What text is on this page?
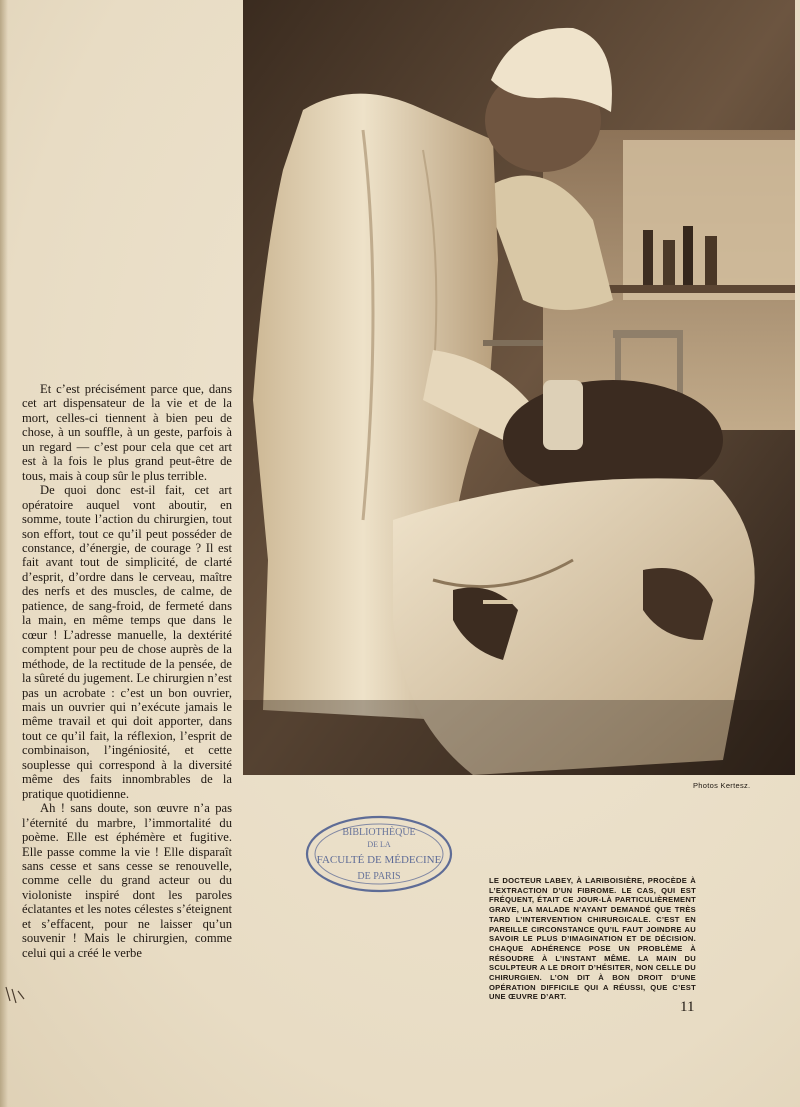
Et c’est précisément parce que, dans cet art dispensateur de la vie et de la mort, celles-ci tiennent à bien peu de chose, à un souffle, à un geste, parfois à un regard — c’est pour cela que cet art est à la fois le plus grand peut-être de tous, mais à coup sûr le plus terrible.

De quoi donc est-il fait, cet art opératoire auquel vont aboutir, en somme, toute l’action du chirurgien, tout son effort, tout ce qu’il peut posséder de constance, d’énergie, de courage ? Il est fait avant tout de simplicité, de clarté d’esprit, d’ordre dans le cerveau, maître des nerfs et des muscles, de calme, de patience, de sang-froid, de fermeté dans la main, en même temps que dans le cœur ! L’adresse manuelle, la dextérité comptent pour peu de chose auprès de la méthode, de la rectitude de la pensée, de la sûreté du jugement. Le chirurgien n’est pas un acrobate : c’est un bon ouvrier, mais un ouvrier qui n’exécute jamais le même travail et qui doit apporter, dans tout ce qu’il fait, la réflexion, l’esprit de combinaison, l’ingéniosité, et cette souplesse qui correspond à la diversité même des faits innombrables de la pratique quotidienne.

Ah ! sans doute, son œuvre n’a pas l’éternité du marbre, l’immortalité du poème. Elle est éphémère et fugitive. Elle passe comme la vie ! Elle disparaît sans cesse et sans cesse se renouvelle, comme celle du grand acteur ou du violoniste inspiré dont les paroles éclatantes et les notes célestes s’éteignent et s’effacent, pour ne laisser qu’un souvenir ! Mais le chirurgien, comme celui qui a créé le verbe

Photos Kertesz.
BIBLIOTHÈQUE
DE LA
FACULTÉ DE MÉDECINE
DE PARIS	LE DOCTEUR LABEY, À LARIBOISIÈRE, PROCÈDE À L’EXTRACTION D’UN FIBROME. LE CAS, QUI EST FRÉQUENT, ÉTAIT CE JOUR-LÀ PARTICULIÈREMENT GRAVE, LA MALADE N’AYANT DEMANDÉ QUE TRÈS TARD L’INTERVENTION CHIRURGICALE. C’EST EN PAREILLE CIRCONSTANCE QU’IL FAUT JOINDRE AU SAVOIR LE PLUS D’IMAGINATION ET DE DÉCISION. CHAQUE ADHÉRENCE POSE UN PROBLÈME À RÉSOUDRE À L’INSTANT MÊME. LA MAIN DU SCULPTEUR A LE DROIT D’HÉSITER, NON CELLE DU CHIRURGIEN. L’ON DIT À BON DROIT D’UNE OPÉRATION DIFFICILE QUI A RÉUSSI, QUE C’EST UNE ŒUVRE D’ART.
11
